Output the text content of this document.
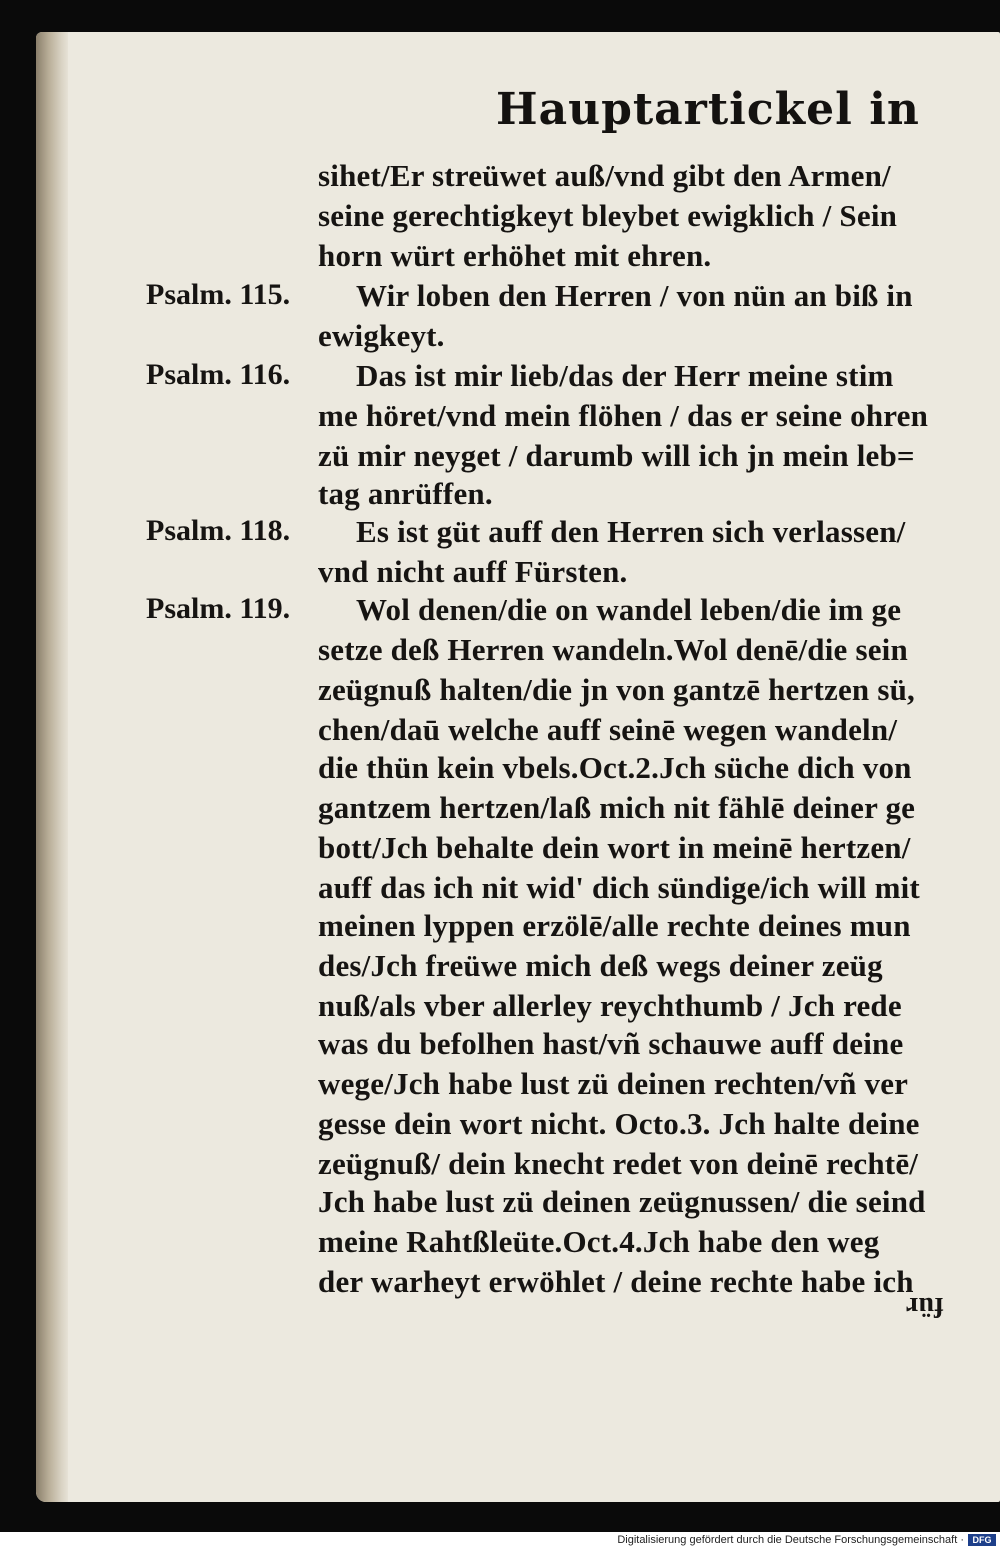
Hauptartickel in
Psalm. 115.
Psalm. 116.
Psalm. 118.
Psalm. 119.
sihet/Er streüwet auß/vnd gibt den Armen/
seine gerechtigkeyt bleybet ewigklich / Sein
horn würt erhöhet mit ehren.
Wir loben den Herren / von nün an biß in
ewigkeyt.
Das ist mir lieb/das der Herr meine stim
me höret/vnd mein flöhen / das er seine ohren
zü mir neyget / darumb will ich jn mein leb=
tag anrüffen.
Es ist güt auff den Herren sich verlassen/
vnd nicht auff Fürsten.
Wol denen/die on wandel leben/die im ge
setze deß Herren wandeln.Wol denē/die sein
zeügnuß halten/die jn von gantzē hertzen sü,
chen/daū welche auff seinē wegen wandeln/
die thün kein vbels.Oct.2.Jch süche dich von
gantzem hertzen/laß mich nit fählē deiner ge
bott/Jch behalte dein wort in meinē hertzen/
auff das ich nit wid' dich sündige/ich will mit
meinen lyppen erzölē/alle rechte deines mun
des/Jch freüwe mich deß wegs deiner zeüg
nuß/als vber allerley reychthumb / Jch rede
was du befolhen hast/vñ schauwe auff deine
wege/Jch habe lust zü deinen rechten/vñ ver
gesse dein wort nicht. Octo.3. Jch halte deine
zeügnuß/ dein knecht redet von deinē rechtē/
Jch habe lust zü deinen zeügnussen/ die seind
meine Rahtßleüte.Oct.4.Jch habe den weg
der warheyt erwöhlet / deine rechte habe ich
für
Digitalisierung gefördert durch die Deutsche Forschungsgemeinschaft · DFG
